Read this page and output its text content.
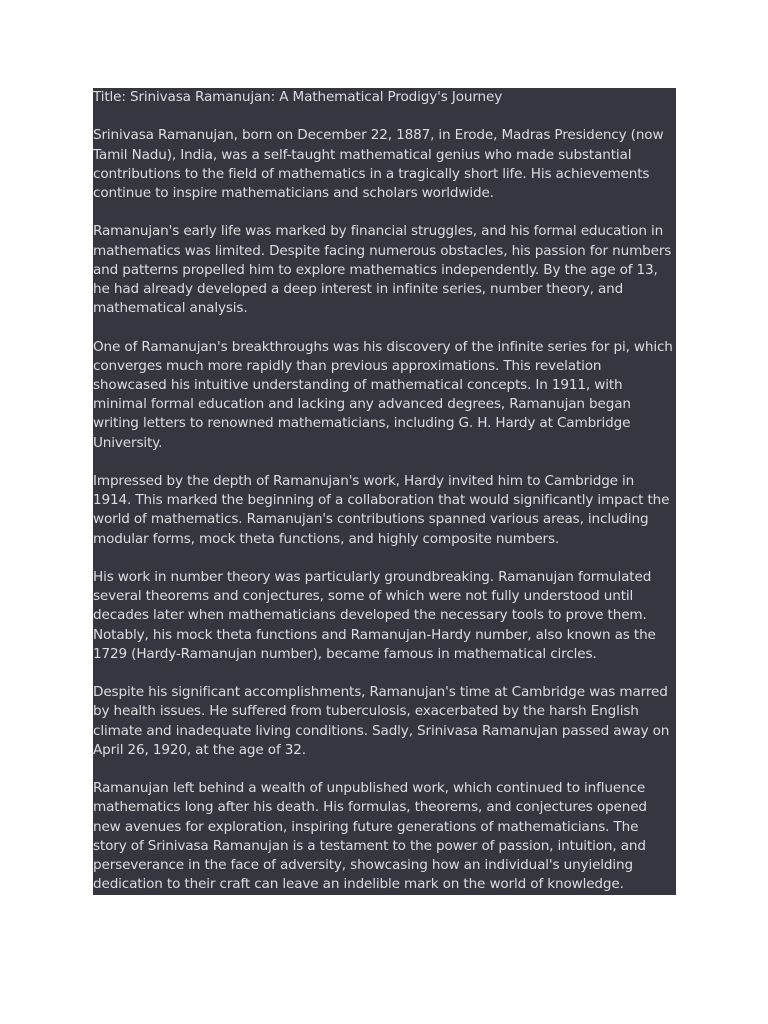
Title: Srinivasa Ramanujan: A Mathematical Prodigy's Journey

Srinivasa Ramanujan, born on December 22, 1887, in Erode, Madras Presidency (now Tamil Nadu), India, was a self-taught mathematical genius who made substantial contributions to the field of mathematics in a tragically short life. His achievements continue to inspire mathematicians and scholars worldwide.

Ramanujan's early life was marked by financial struggles, and his formal education in mathematics was limited. Despite facing numerous obstacles, his passion for numbers and patterns propelled him to explore mathematics independently. By the age of 13, he had already developed a deep interest in infinite series, number theory, and mathematical analysis.

One of Ramanujan's breakthroughs was his discovery of the infinite series for pi, which converges much more rapidly than previous approximations. This revelation showcased his intuitive understanding of mathematical concepts. In 1911, with minimal formal education and lacking any advanced degrees, Ramanujan began writing letters to renowned mathematicians, including G. H. Hardy at Cambridge University.

Impressed by the depth of Ramanujan's work, Hardy invited him to Cambridge in 1914. This marked the beginning of a collaboration that would significantly impact the world of mathematics. Ramanujan's contributions spanned various areas, including modular forms, mock theta functions, and highly composite numbers.

His work in number theory was particularly groundbreaking. Ramanujan formulated several theorems and conjectures, some of which were not fully understood until decades later when mathematicians developed the necessary tools to prove them. Notably, his mock theta functions and Ramanujan-Hardy number, also known as the 1729 (Hardy-Ramanujan number), became famous in mathematical circles.

Despite his significant accomplishments, Ramanujan's time at Cambridge was marred by health issues. He suffered from tuberculosis, exacerbated by the harsh English climate and inadequate living conditions. Sadly, Srinivasa Ramanujan passed away on April 26, 1920, at the age of 32.

Ramanujan left behind a wealth of unpublished work, which continued to influence mathematics long after his death. His formulas, theorems, and conjectures opened new avenues for exploration, inspiring future generations of mathematicians. The story of Srinivasa Ramanujan is a testament to the power of passion, intuition, and perseverance in the face of adversity, showcasing how an individual's unyielding dedication to their craft can leave an indelible mark on the world of knowledge.
